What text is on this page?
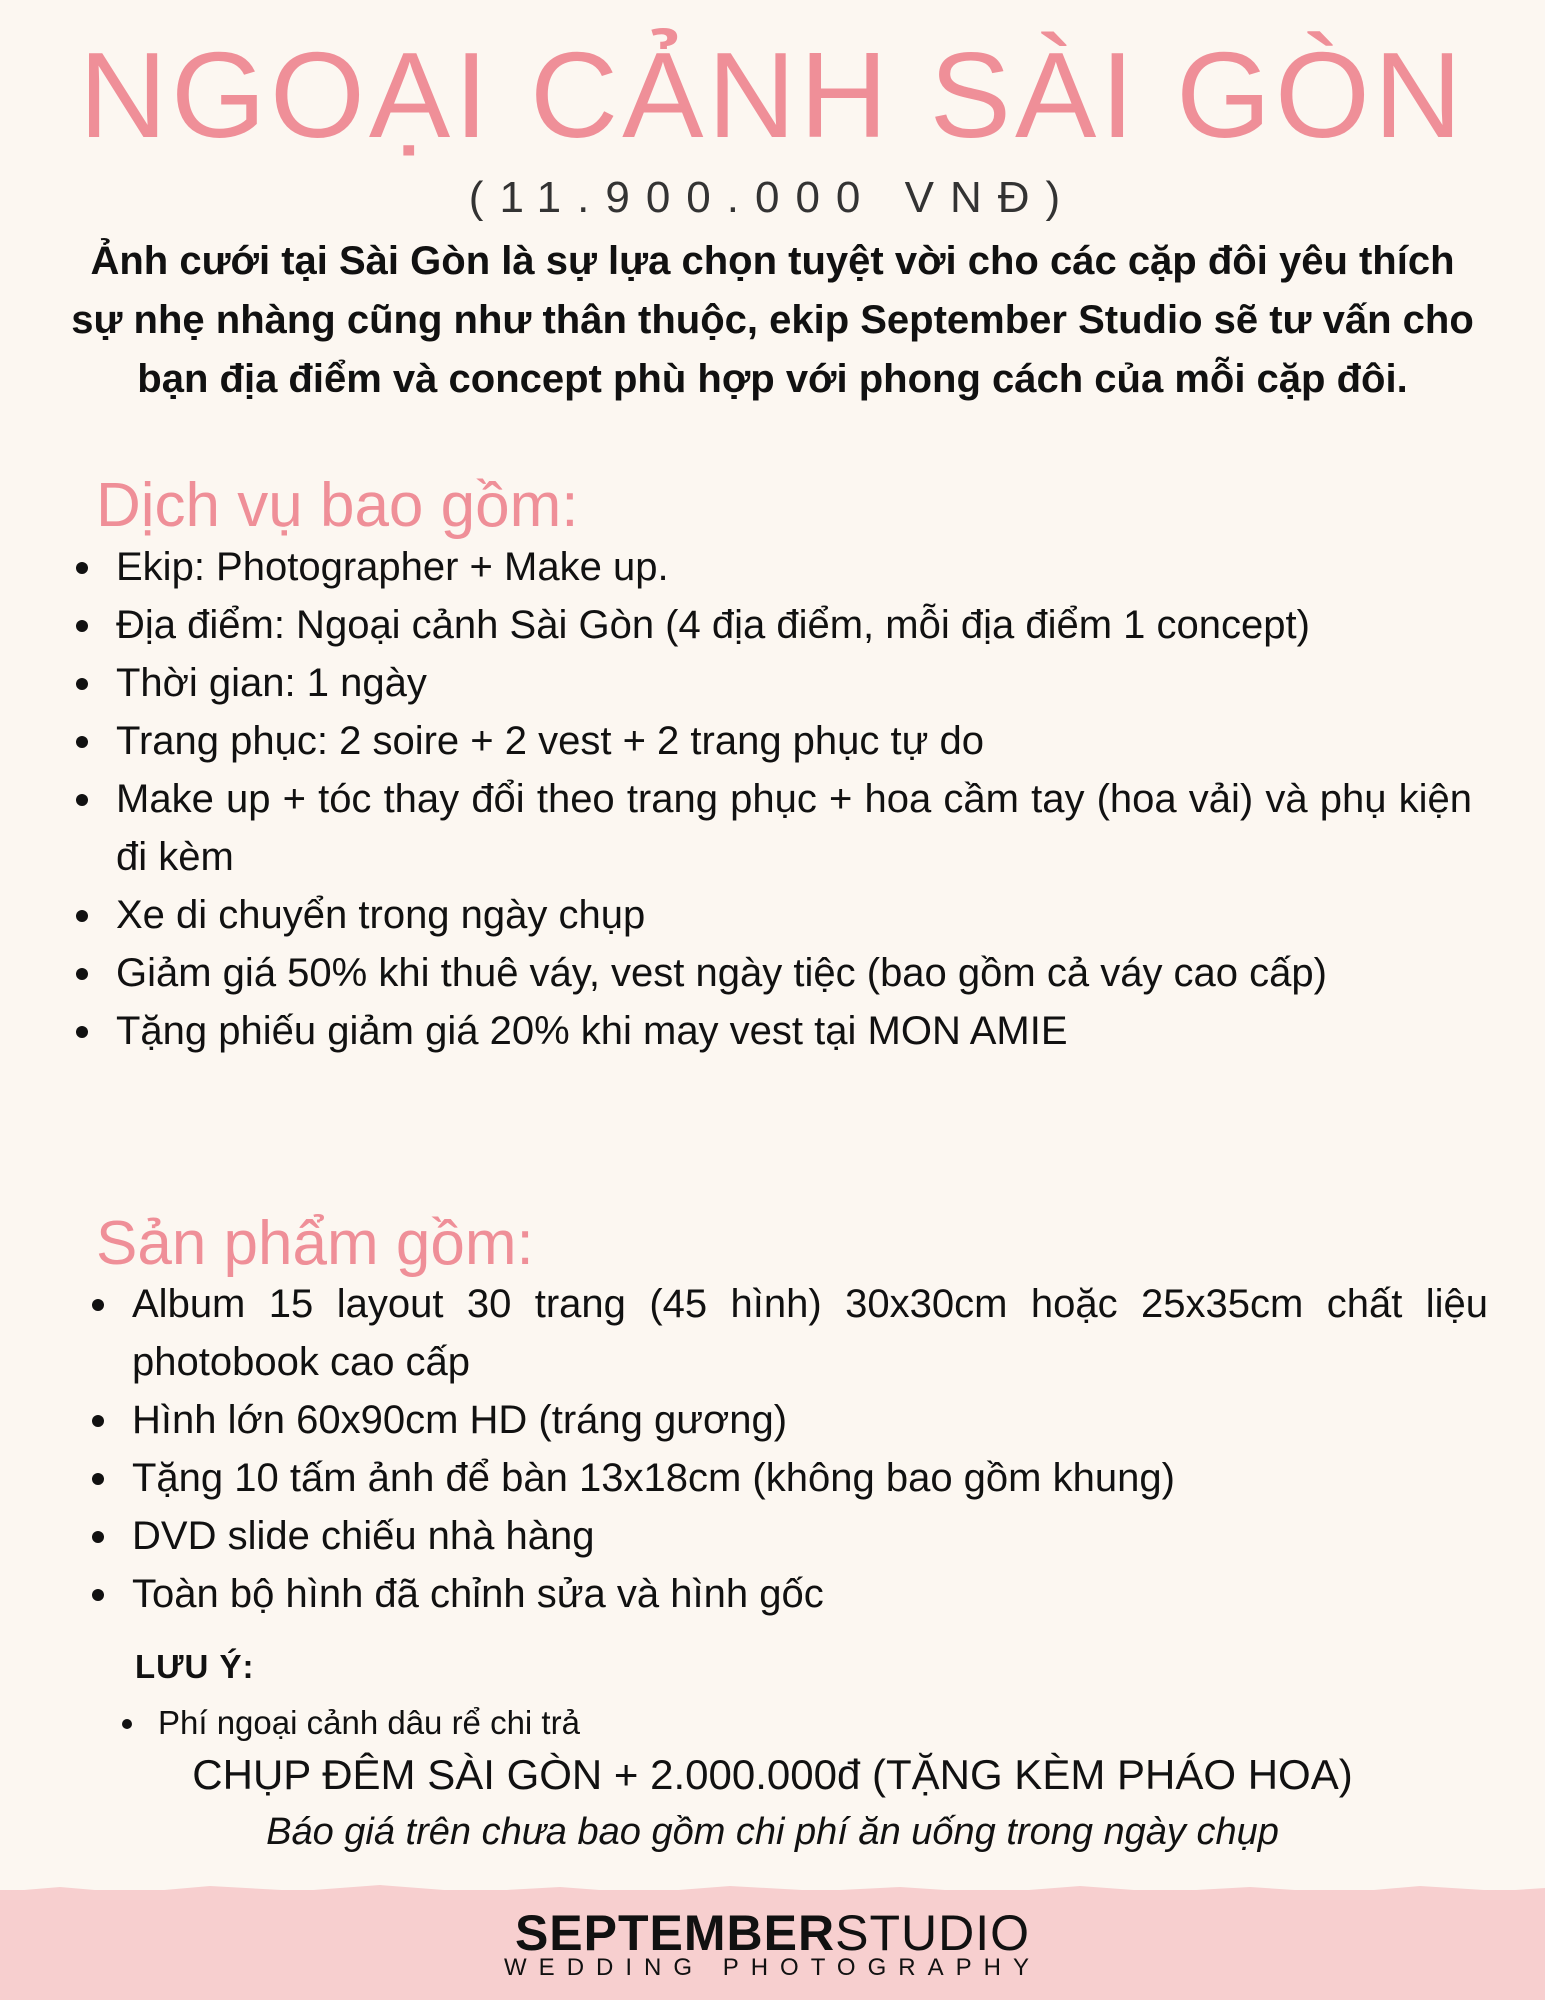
NGOẠI CẢNH SÀI GÒN
(11.900.000 VNĐ)

Ảnh cưới tại Sài Gòn là sự lựa chọn tuyệt vời cho các cặp đôi yêu thích sự nhẹ nhàng cũng như thân thuộc, ekip September Studio sẽ tư vấn cho bạn địa điểm và concept phù hợp với phong cách của mỗi cặp đôi.

Dịch vụ bao gồm:
Ekip: Photographer + Make up.
Địa điểm: Ngoại cảnh Sài Gòn (4 địa điểm, mỗi địa điểm 1 concept)
Thời gian: 1 ngày
Trang phục: 2 soire + 2 vest + 2 trang phục tự do
Make up + tóc thay đổi theo trang phục + hoa cầm tay (hoa vải) và phụ kiện đi kèm
Xe di chuyển trong ngày chụp
Giảm giá 50% khi thuê váy, vest ngày tiệc (bao gồm cả váy cao cấp)
Tặng phiếu giảm giá 20% khi may vest tại MON AMIE
Sản phẩm gồm:
Album 15 layout 30 trang (45 hình) 30x30cm hoặc 25x35cm chất liệu photobook cao cấp
Hình lớn 60x90cm HD (tráng gương)
Tặng 10 tấm ảnh để bàn 13x18cm (không bao gồm khung)
DVD slide chiếu nhà hàng
Toàn bộ hình đã chỉnh sửa và hình gốc
LƯU Ý:
Phí ngoại cảnh dâu rể chi trả
CHỤP ĐÊM SÀI GÒN + 2.000.000đ (TẶNG KÈM PHÁO HOA)
Báo giá trên chưa bao gồm chi phí ăn uống trong ngày chụp
SEPTEMBERSTUDIO
WEDDING PHOTOGRAPHY
